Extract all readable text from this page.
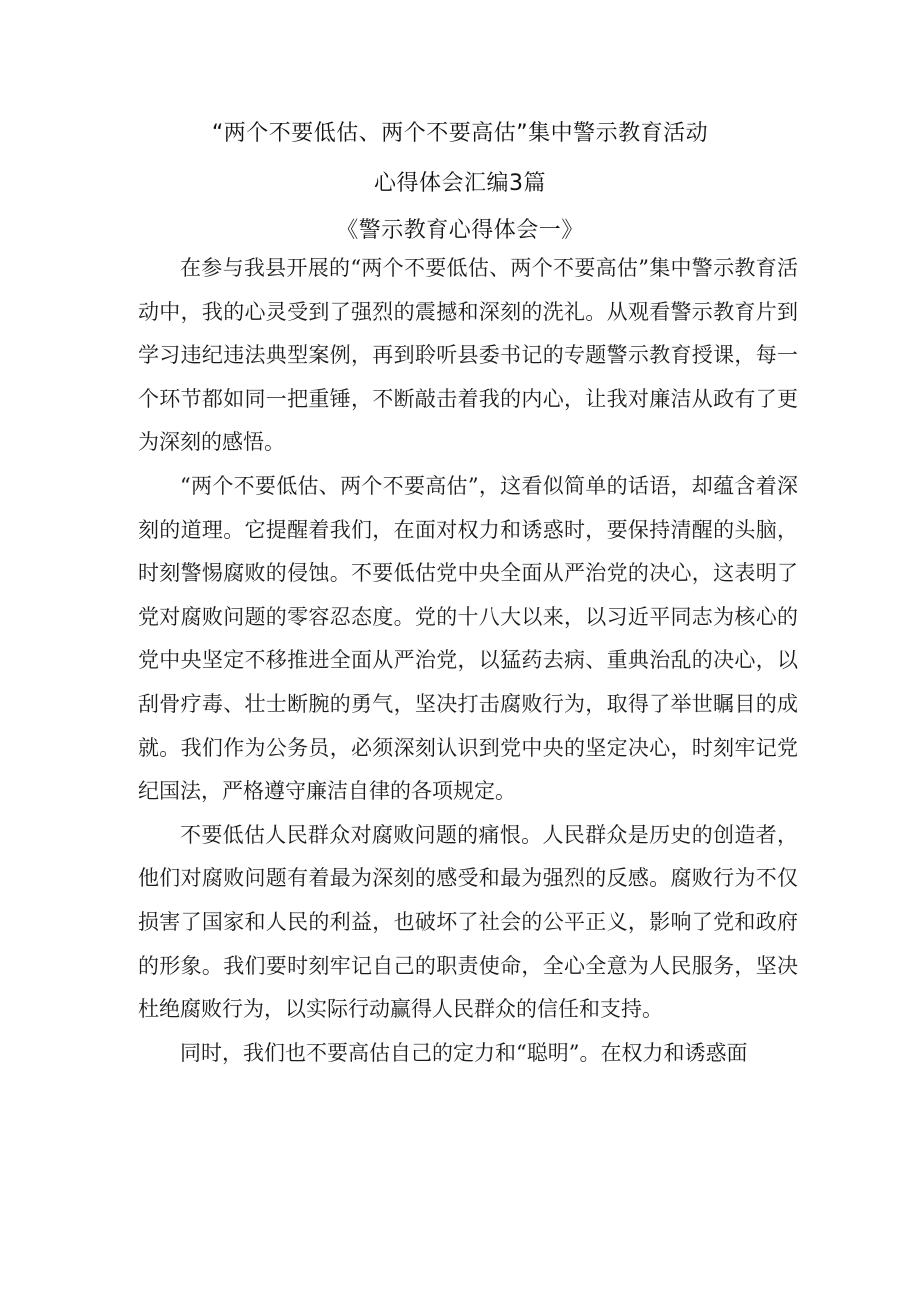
“两个不要低估、两个不要高估”集中警示教育活动
心得体会汇编3篇
《警示教育心得体会一》

在参与我县开展的“两个不要低估、两个不要高估”集中警示教育活动中，我的心灵受到了强烈的震撼和深刻的洗礼。从观看警示教育片到学习违纪违法典型案例，再到聆听县委书记的专题警示教育授课，每一个环节都如同一把重锤，不断敲击着我的内心，让我对廉洁从政有了更为深刻的感悟。

“两个不要低估、两个不要高估”，这看似简单的话语，却蕴含着深刻的道理。它提醒着我们，在面对权力和诱惑时，要保持清醒的头脑，时刻警惕腐败的侵蚀。不要低估党中央全面从严治党的决心，这表明了党对腐败问题的零容忍态度。党的十八大以来，以习近平同志为核心的党中央坚定不移推进全面从严治党，以猛药去病、重典治乱的决心，以刮骨疗毒、壮士断腕的勇气，坚决打击腐败行为，取得了举世瞩目的成就。我们作为公务员，必须深刻认识到党中央的坚定决心，时刻牢记党纪国法，严格遵守廉洁自律的各项规定。

不要低估人民群众对腐败问题的痛恨。人民群众是历史的创造者，他们对腐败问题有着最为深刻的感受和最为强烈的反感。腐败行为不仅损害了国家和人民的利益，也破坏了社会的公平正义，影响了党和政府的形象。我们要时刻牢记自己的职责使命，全心全意为人民服务，坚决杜绝腐败行为，以实际行动赢得人民群众的信任和支持。

同时，我们也不要高估自己的定力和“聪明”。在权力和诱惑面
